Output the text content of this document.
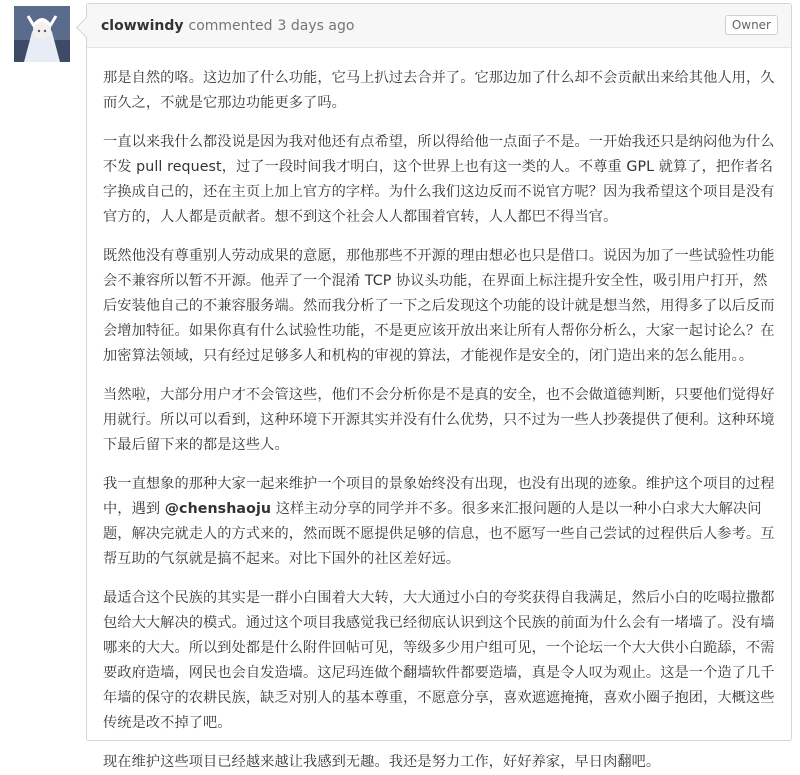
clowwindy commented 3 days ago	Owner

那是自然的咯。这边加了什么功能，它马上扒过去合并了。它那边加了什么却不会贡献出来给其他人用，久而久之，不就是它那边功能更多了吗。

一直以来我什么都没说是因为我对他还有点希望，所以得给他一点面子不是。一开始我还只是纳闷他为什么不发 pull request，过了一段时间我才明白，这个世界上也有这一类的人。不尊重 GPL 就算了，把作者名字换成自己的，还在主页上加上官方的字样。为什么我们这边反而不说官方呢？因为我希望这个项目是没有官方的，人人都是贡献者。想不到这个社会人人都围着官转，人人都巴不得当官。

既然他没有尊重别人劳动成果的意愿，那他那些不开源的理由想必也只是借口。说因为加了一些试验性功能会不兼容所以暂不开源。他弄了一个混淆 TCP 协议头功能，在界面上标注提升安全性，吸引用户打开，然后安装他自己的不兼容服务端。然而我分析了一下之后发现这个功能的设计就是想当然，用得多了以后反而会增加特征。如果你真有什么试验性功能，不是更应该开放出来让所有人帮你分析么，大家一起讨论么？在加密算法领域，只有经过足够多人和机构的审视的算法，才能视作是安全的，闭门造出来的怎么能用。。

当然啦，大部分用户才不会管这些，他们不会分析你是不是真的安全，也不会做道德判断，只要他们觉得好用就行。所以可以看到，这种环境下开源其实并没有什么优势，只不过为一些人抄袭提供了便利。这种环境下最后留下来的都是这些人。

我一直想象的那种大家一起来维护一个项目的景象始终没有出现，也没有出现的迹象。维护这个项目的过程中，遇到 @chenshaoju 这样主动分享的同学并不多。很多来汇报问题的人是以一种小白求大大解决问题，解决完就走人的方式来的，然而既不愿提供足够的信息，也不愿写一些自己尝试的过程供后人参考。互帮互助的气氛就是搞不起来。对比下国外的社区差好远。

最适合这个民族的其实是一群小白围着大大转，大大通过小白的夸奖获得自我满足，然后小白的吃喝拉撒都包给大大解决的模式。通过这个项目我感觉我已经彻底认识到这个民族的前面为什么会有一堵墙了。没有墙哪来的大大。所以到处都是什么附件回帖可见，等级多少用户组可见，一个论坛一个大大供小白跪舔，不需要政府造墙，网民也会自发造墙。这尼玛连做个翻墙软件都要造墙，真是令人叹为观止。这是一个造了几千年墙的保守的农耕民族，缺乏对别人的基本尊重，不愿意分享，喜欢遮遮掩掩，喜欢小圈子抱团，大概这些传统是改不掉了吧。

现在维护这些项目已经越来越让我感到无趣。我还是努力工作，好好养家，早日肉翻吧。
